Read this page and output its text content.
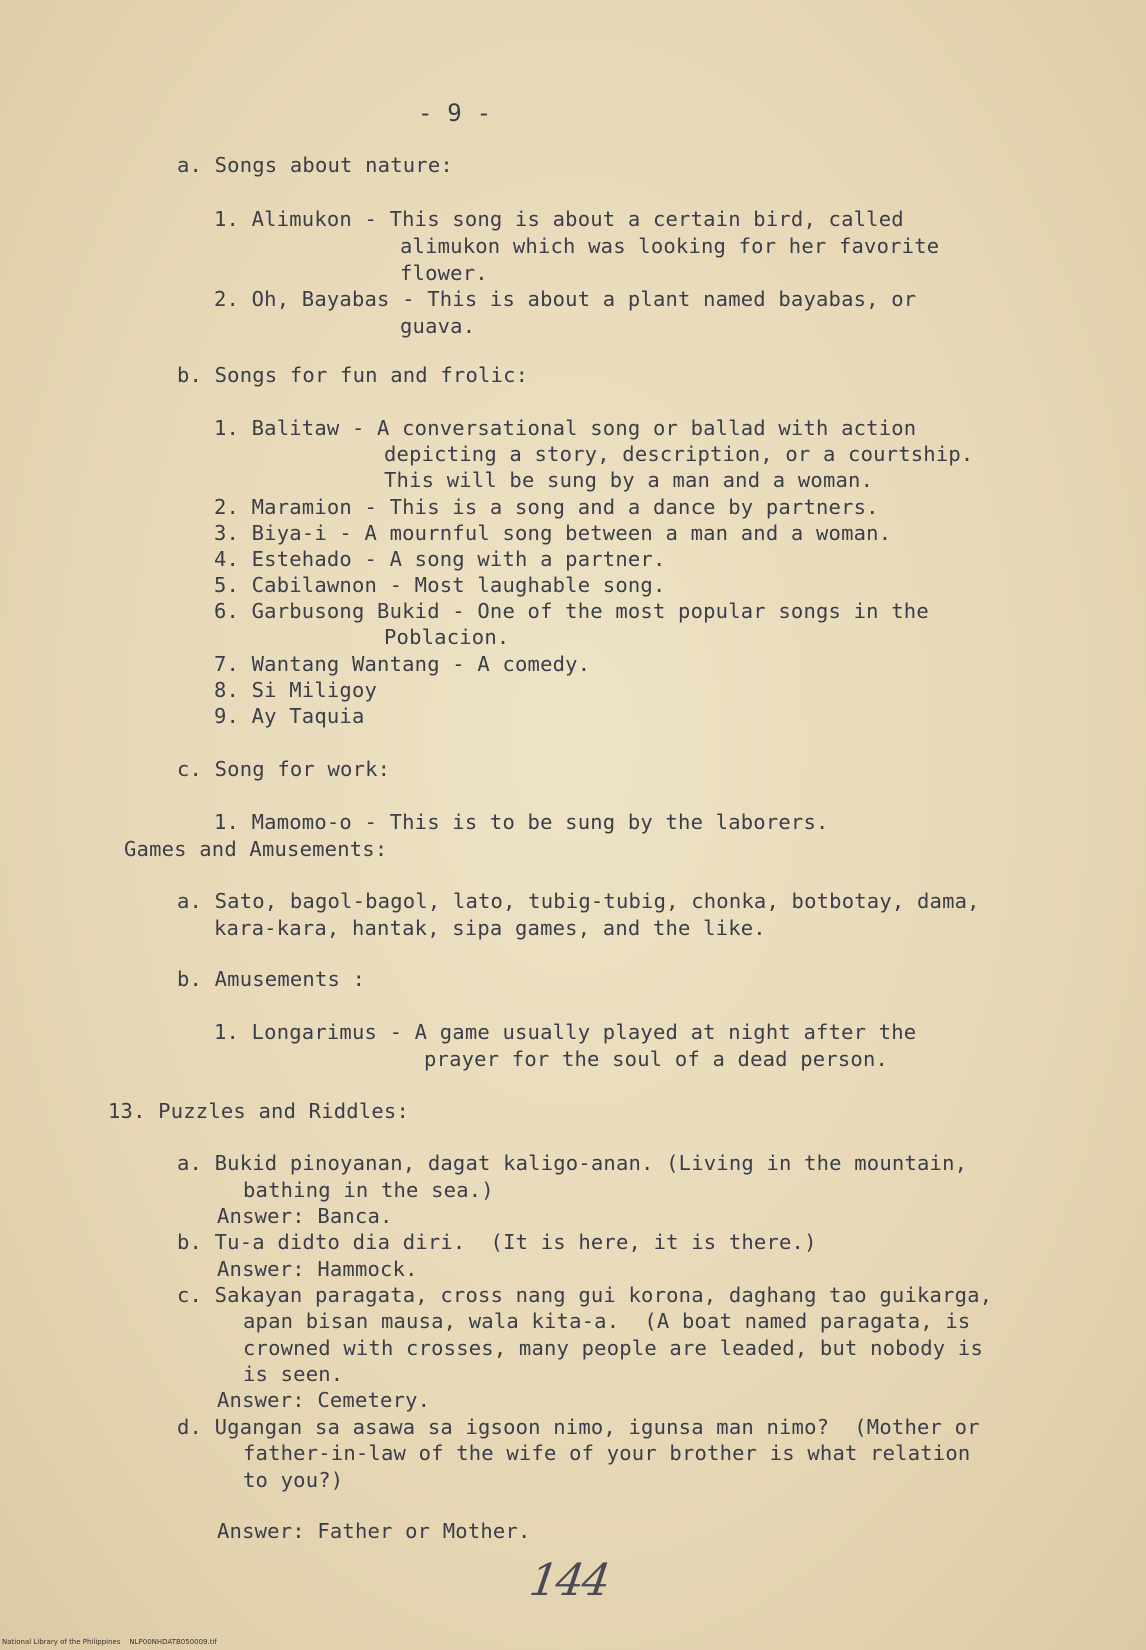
- 9 -
a. Songs about nature:
1. Alimukon - This song is about a certain bird, called
alimukon which was looking for her favorite
flower.
2. Oh, Bayabas - This is about a plant named bayabas, or
guava.
b. Songs for fun and frolic:
1. Balitaw - A conversational song or ballad with action
depicting a story, description, or a courtship.
This will be sung by a man and a woman.
2. Maramion - This is a song and a dance by partners.
3. Biya-i - A mournful song between a man and a woman.
4. Estehado - A song with a partner.
5. Cabilawnon - Most laughable song.
6. Garbusong Bukid - One of the most popular songs in the
Poblacion.
7. Wantang Wantang - A comedy.
8. Si Miligoy
9. Ay Taquia
c. Song for work:
1. Mamomo-o - This is to be sung by the laborers.
Games and Amusements:
a. Sato, bagol-bagol, lato, tubig-tubig, chonka, botbotay, dama,
kara-kara, hantak, sipa games, and the like.
b. Amusements :
1. Longarimus - A game usually played at night after the
prayer for the soul of a dead person.
13. Puzzles and Riddles:
a. Bukid pinoyanan, dagat kaligo-anan. (Living in the mountain,
bathing in the sea.)
Answer: Banca.
b. Tu-a didto dia diri.  (It is here, it is there.)
Answer: Hammock.
c. Sakayan paragata, cross nang gui korona, daghang tao guikarga,
apan bisan mausa, wala kita-a.  (A boat named paragata, is
crowned with crosses, many people are leaded, but nobody is
is seen.
Answer: Cemetery.
d. Ugangan sa asawa sa igsoon nimo, igunsa man nimo?  (Mother or
father-in-law of the wife of your brother is what relation
to you?)
Answer: Father or Mother.
144
National Library of the Philippines    NLP00NHDATB050009.tif
